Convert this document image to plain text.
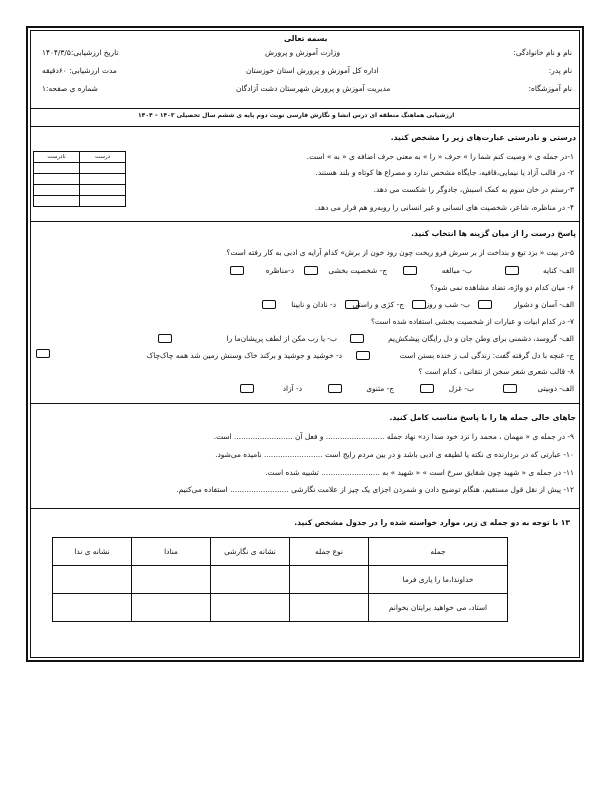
بسمه تعالی
وزارت آموزش و پرورش
اداره کل آموزش و پرورش استان خوزستان
مدیریت آموزش و پرورش شهرستان دشت آزادگان
نام و نام خانوادگی:
نام پدر:
نام آموزشگاه:
تاریخ ارزشیابی:۱۴۰۴/۳/۵
مدت ارزشیابی: ۶۰دقیقه
شماره ی صفحه:۱
ارزشیابی هماهنگ منطقه ای درس انشا و نگارش فارسی نوبت دوم پایه ی ششم سال تحصیلی ۱۴۰۳ – ۱۴۰۴
درستی و نادرستی عبارت‌های زیر را مشخص کنید.
نادرست	درست

		۱-در جمله ی « وصیت کنم شما را » حرف « را » به معنی حرف اضافه ی « به » است.
۲- در قالب آزاد یا نیمایی،قافیه، جایگاه مشخص ندارد و مصراع ها کوتاه و بلند هستند.
۳-رستم در خان سوم به کمک اسبش، جادوگر را شکست می دهد.
۴- در مناظره، شاعر، شخصیت های انسانی و غیر انسانی را رو‌به‌رو هم قرار می دهد.
پاسخ درست را از میان گزینه ها انتخاب کنید.
۵-در بیت « بزد تیغ و بنداخت از بر سرش فرو ریخت چون رود خون از برش» کدام آرایه ی ادبی به کار رفته است؟
الف- کنایه
ب- مبالغه
ج- شخصیت بخشی
د-مناظره
۶- میان کدام دو واژه، تضاد مشاهده نمی شود؟
الف- آسان و دشوار
ب- شب و روز
ج- کژی و راستی
د- نادان و نابینا
۷- در کدام ابیات و عبارات از شخصیت بخشی استفاده شده است؟
الف- گروسد، دشمنی برای وطن جان و دل رایگان پیشکش‌یم
ب- یا رب مکن از لطف پریشان‌ما را
ج- غنچه با دل گرفته گفت: زندگی لب ز خنده بستن است
د- خوشید و جوشید و برکند خاک وسنش زمین شد همه چاک‌چاک
۸- قالب شعری شعر سخن از نتقانی ، کدام است ؟
الف- دوبیتی
ب- غزل
ج- مثنوی
د- آزاد
جاهای خالی جمله ها را با پاسخ مناسب کامل کنید.
۹- در جمله ی « مهمان ، محمد را نزد خود صدا زد» نهاد جمله ......................... و فعل آن ......................... است.
۱۰- عبارتی که در بردارنده ی نکته یا لطیفه ی ادبی باشد و در بین مردم رایج است ......................... نامیده می‌شود.
۱۱- در جمله ی « شهید چون شقایق سرخ است » « شهید » به ......................... تشبیه شده است.
۱۲- پیش از نقل قول مستقیم، هنگام توضیح دادن و شمردن اجزای یک چیز از علامت نگارشی ......................... استفاده می‌کنیم.
۱۳ با توجه به دو جمله ی زیر، موارد خواسته شده را در جدول مشخص کنید.
جمله	نوع جمله	نشانه ی نگارشی	منادا	نشانه ی ندا
خداوندا،ما را یاری فرما				
استاد، می خواهید برایتان بخوانم				
